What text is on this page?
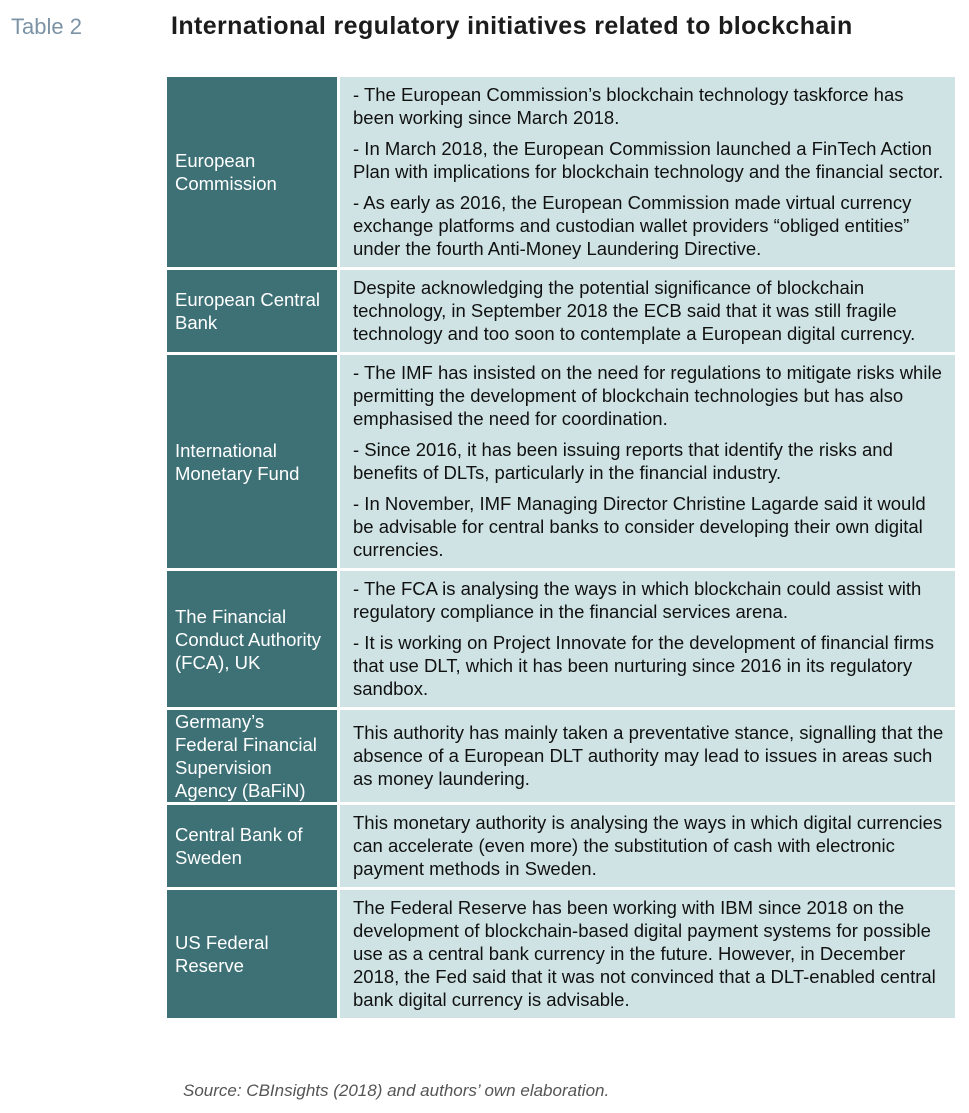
Table 2	International regulatory initiatives related to blockchain
European Commission

- The European Commission’s blockchain technology taskforce has been working since March 2018.

- In March 2018, the European Commission launched a FinTech Action Plan with implications for blockchain technology and the financial sector.

- As early as 2016, the European Commission made virtual currency exchange platforms and custodian wallet providers “obliged entities” under the fourth Anti-Money Laundering Directive.

European Central Bank

Despite acknowledging the potential significance of blockchain technology, in September 2018 the ECB said that it was still fragile technology and too soon to contemplate a European digital currency.

International Monetary Fund

- The IMF has insisted on the need for regulations to mitigate risks while permitting the development of blockchain technologies but has also emphasised the need for coordination.

- Since 2016, it has been issuing reports that identify the risks and benefits of DLTs, particularly in the financial industry.

- In November, IMF Managing Director Christine Lagarde said it would be advisable for central banks to consider developing their own digital currencies.

The Financial Conduct Authority (FCA), UK

- The FCA is analysing the ways in which blockchain could assist with regulatory compliance in the financial services arena.

- It is working on Project Innovate for the development of financial firms that use DLT, which it has been nurturing since 2016 in its regulatory sandbox.

Germany’s Federal Financial Supervision Agency (BaFiN)

This authority has mainly taken a preventative stance, signalling that the absence of a European DLT authority may lead to issues in areas such as money laundering.

Central Bank of Sweden

This monetary authority is analysing the ways in which digital currencies can accelerate (even more) the substitution of cash with electronic payment methods in Sweden.

US Federal Reserve

The Federal Reserve has been working with IBM since 2018 on the development of blockchain-based digital payment systems for possible use as a central bank currency in the future. However, in December 2018, the Fed said that it was not convinced that a DLT-enabled central bank digital currency is advisable.

Source: CBInsights (2018) and authors’ own elaboration.
